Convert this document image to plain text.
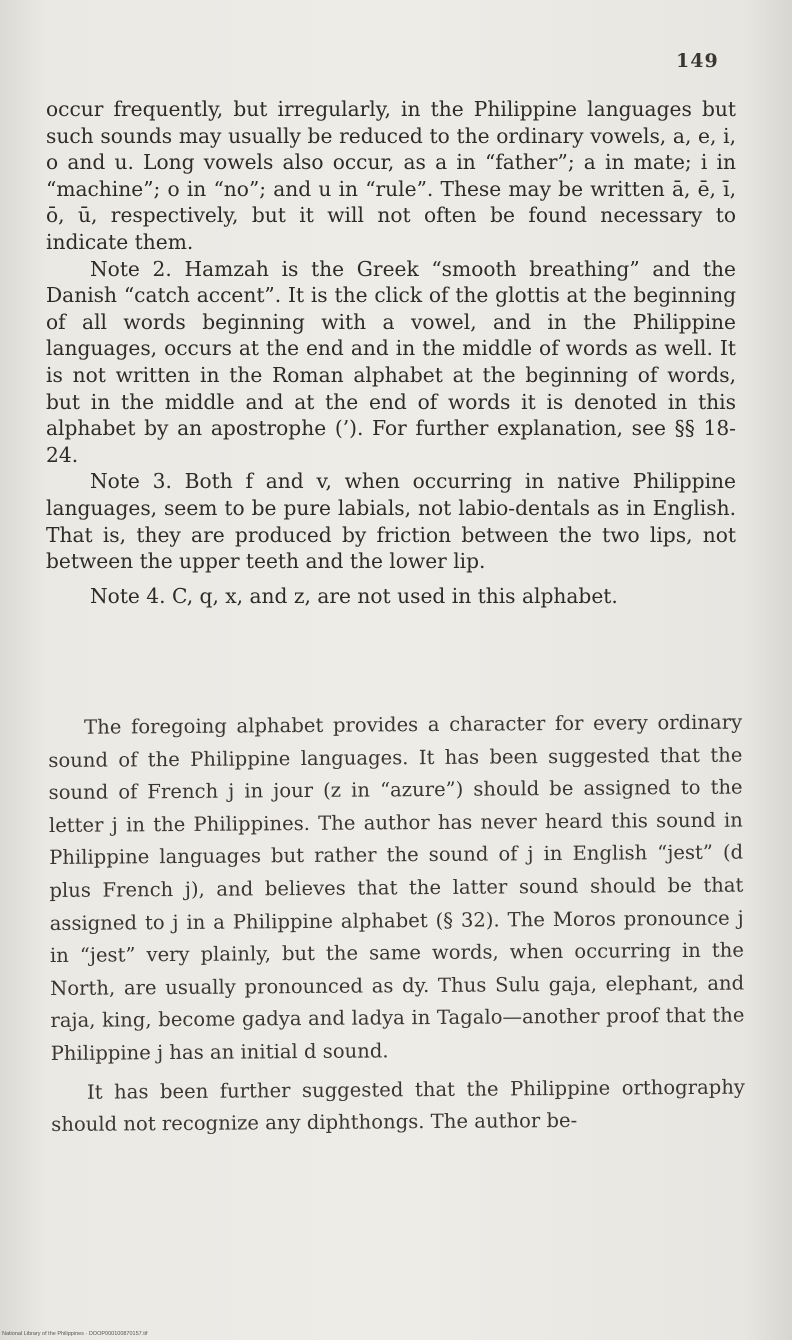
149

occur frequently, but irregularly, in the Philippine languages but such sounds may usually be reduced to the ordinary vowels, a, e, i, o and u. Long vowels also occur, as a in “father”; a in mate; i in “machine”; o in “no”; and u in “rule”. These may be written ā, ē, ī, ō, ū, respectively, but it will not often be found necessary to indicate them.

Note 2. Hamzah is the Greek “smooth breathing” and the Danish “catch accent”. It is the click of the glottis at the beginning of all words beginning with a vowel, and in the Philippine languages, occurs at the end and in the middle of words as well. It is not written in the Roman alphabet at the beginning of words, but in the middle and at the end of words it is denoted in this alphabet by an apostrophe (’). For further explanation, see §§ 18-24.

Note 3. Both f and v, when occurring in native Philippine languages, seem to be pure labials, not labio-dentals as in English. That is, they are produced by friction between the two lips, not between the upper teeth and the lower lip.

Note 4. C, q, x, and z, are not used in this alphabet.

The foregoing alphabet provides a character for every ordinary sound of the Philippine languages. It has been suggested that the sound of French j in jour (z in “azure”) should be assigned to the letter j in the Philippines. The author has never heard this sound in Philippine languages but rather the sound of j in English “jest” (d plus French j), and believes that the latter sound should be that assigned to j in a Philippine alphabet (§ 32). The Moros pronounce j in “jest” very plainly, but the same words, when occurring in the North, are usually pronounced as dy. Thus Sulu gaja, elephant, and raja, king, become gadya and ladya in Tagalo—another proof that the Philippine j has an initial d sound.

It has been further suggested that the Philippine orthography should not recognize any diphthongs. The author be-

National Library of the Philippines · DOOP000100870157.tif
